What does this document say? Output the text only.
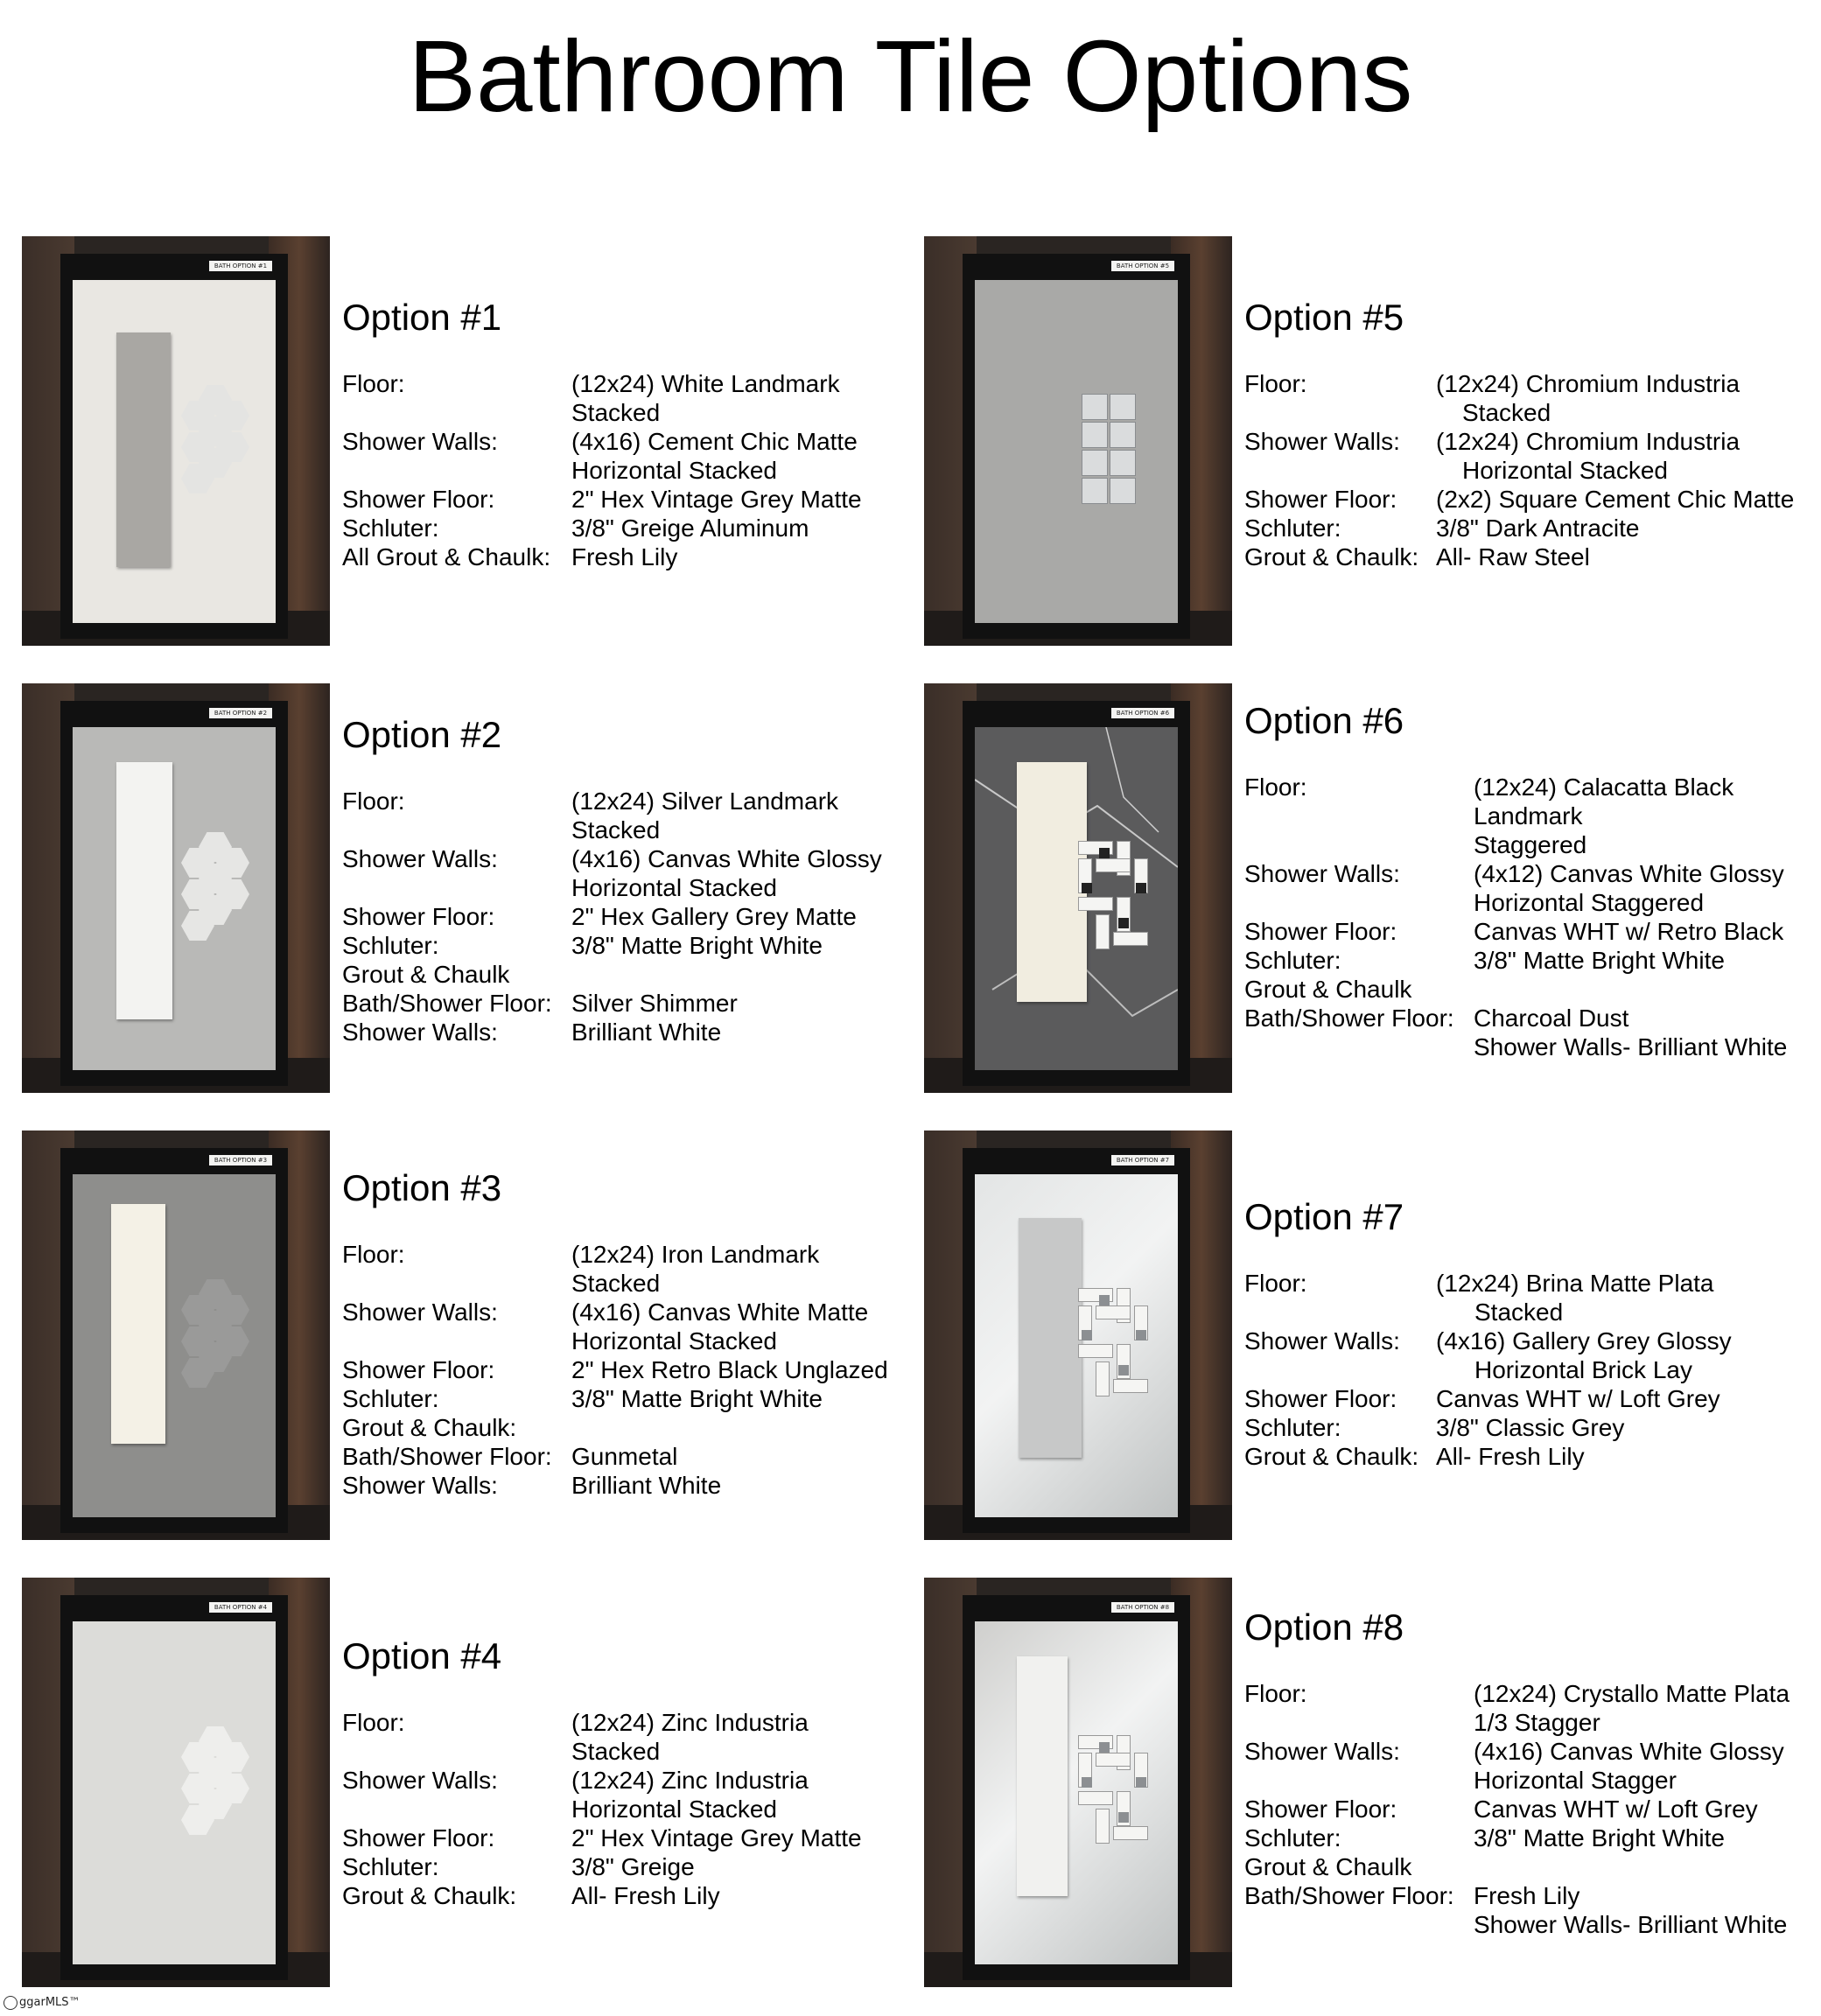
Bathroom Tile Options
BATH OPTION #1
BATH OPTION #2
BATH OPTION #3
BATH OPTION #4
BATH OPTION #5
BATH OPTION #6
BATH OPTION #7
BATH OPTION #8
Option #1
Floor:	(12x24) White Landmark
Stacked
Shower Walls:	(4x16) Cement Chic Matte
Horizontal Stacked
Shower Floor:	2" Hex Vintage Grey Matte
Schluter:	3/8" Greige Aluminum
All Grout & Chaulk: Fresh Lily
Option #2
Floor:	(12x24) Silver Landmark
Stacked
Shower Walls:	(4x16) Canvas White Glossy
Horizontal Stacked
Shower Floor:	2" Hex Gallery Grey Matte
Schluter:	3/8" Matte Bright White
Grout & Chaulk
Bath/Shower Floor: Silver Shimmer
Shower Walls:	Brilliant White
Option #3
Floor:	(12x24) Iron Landmark
Stacked
Shower Walls:	(4x16) Canvas White Matte
Horizontal Stacked
Shower Floor:	2" Hex Retro Black Unglazed
Schluter:	3/8" Matte Bright White
Grout & Chaulk:
Bath/Shower Floor: Gunmetal
Shower Walls:	Brilliant White
Option #4
Floor:	(12x24) Zinc Industria
Stacked
Shower Walls:	(12x24) Zinc Industria
Horizontal Stacked
Shower Floor:	2" Hex Vintage Grey Matte
Schluter:	3/8" Greige
Grout & Chaulk: All- Fresh Lily
Option #5
Floor:	(12x24) Chromium Industria
Stacked
Shower Walls: (12x24) Chromium Industria
Horizontal Stacked
Shower Floor: (2x2) Square Cement Chic Matte
Schluter:	3/8" Dark Antracite
Grout & Chaulk: All- Raw Steel
Option #6
Floor:	(12x24) Calacatta Black
Landmark
Staggered
Shower Walls:	(4x12) Canvas White Glossy
Horizontal Staggered
Shower Floor:	Canvas WHT w/ Retro Black
Schluter:	3/8" Matte Bright White
Grout & Chaulk
Bath/Shower Floor: Charcoal Dust
Shower Walls- Brilliant White
Option #7
Floor:	(12x24) Brina Matte Plata
Stacked
Shower Walls: (4x16) Gallery Grey Glossy
Horizontal Brick Lay
Shower Floor: Canvas WHT w/ Loft Grey
Schluter:	3/8" Classic Grey
Grout & Chaulk: All- Fresh Lily
Option #8
Floor:	(12x24) Crystallo Matte Plata
1/3 Stagger
Shower Walls:	(4x16) Canvas White Glossy
Horizontal Stagger
Shower Floor:	Canvas WHT w/ Loft Grey
Schluter:	3/8" Matte Bright White
Grout & Chaulk
Bath/Shower Floor: Fresh Lily
Shower Walls- Brilliant White
ggarMLS™
